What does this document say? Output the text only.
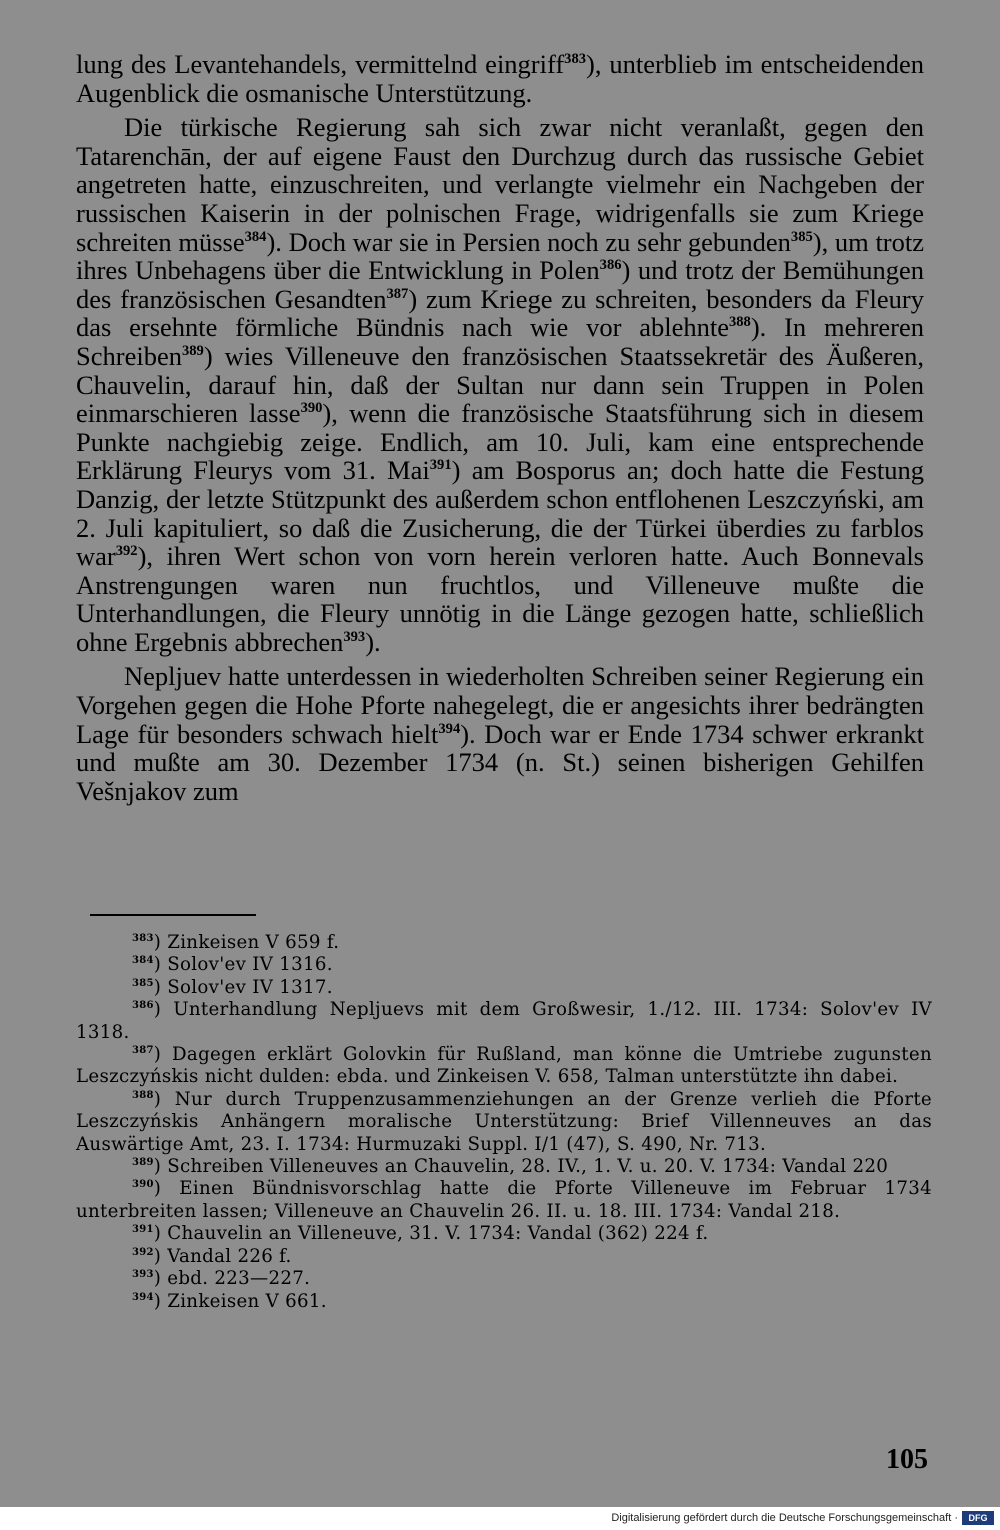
lung des Levantehandels, vermittelnd eingriff$^{383}$), unterblieb im entscheidenden Augenblick die osmanische Unterstützung.

Die türkische Regierung sah sich zwar nicht veranlaßt, gegen den Tatarenchān, der auf eigene Faust den Durchzug durch das russische Gebiet angetreten hatte, einzuschreiten, und verlangte vielmehr ein Nachgeben der russischen Kaiserin in der polnischen Frage, widrigenfalls sie zum Kriege schreiten müsse$^{384}$). Doch war sie in Persien noch zu sehr gebunden$^{385}$), um trotz ihres Unbehagens über die Entwicklung in Polen$^{386}$) und trotz der Bemühungen des französischen Gesandten$^{387}$) zum Kriege zu schreiten, besonders da Fleury das ersehnte förmliche Bündnis nach wie vor ablehnte$^{388}$). In mehreren Schreiben$^{389}$) wies Villeneuve den französischen Staatssekretär des Äußeren, Chauvelin, darauf hin, daß der Sultan nur dann sein Truppen in Polen einmarschieren lasse$^{390}$), wenn die französische Staatsführung sich in diesem Punkte nachgiebig zeige. Endlich, am 10. Juli, kam eine entsprechende Erklärung Fleurys vom 31. Mai$^{391}$) am Bosporus an; doch hatte die Festung Danzig, der letzte Stützpunkt des außerdem schon entflohenen Leszczyński, am 2. Juli kapituliert, so daß die Zusicherung, die der Türkei überdies zu farblos war$^{392}$), ihren Wert schon von vorn herein verloren hatte. Auch Bonnevals Anstrengungen waren nun fruchtlos, und Villeneuve mußte die Unterhandlungen, die Fleury unnötig in die Länge gezogen hatte, schließlich ohne Ergebnis abbrechen$^{393}$).

Nepljuev hatte unterdessen in wiederholten Schreiben seiner Regierung ein Vorgehen gegen die Hohe Pforte nahegelegt, die er angesichts ihrer bedrängten Lage für besonders schwach hielt$^{394}$). Doch war er Ende 1734 schwer erkrankt und mußte am 30. Dezember 1734 (n. St.) seinen bisherigen Gehilfen Vešnjakov zum

$^{383}$) Zinkeisen V 659 f.

$^{384}$) Solov'ev IV 1316.

$^{385}$) Solov'ev IV 1317.

$^{386}$) Unterhandlung Nepljuevs mit dem Großwesir, 1./12. III. 1734: Solov'ev IV 1318.

$^{387}$) Dagegen erklärt Golovkin für Rußland, man könne die Umtriebe zugunsten Leszczyńskis nicht dulden: ebda. und Zinkeisen V. 658, Talman unterstützte ihn dabei.

$^{388}$) Nur durch Truppenzusammenziehungen an der Grenze verlieh die Pforte Leszczyńskis Anhängern moralische Unterstützung: Brief Villenneuves an das Auswärtige Amt, 23. I. 1734: Hurmuzaki Suppl. I/1 (47), S. 490, Nr. 713.

$^{389}$) Schreiben Villeneuves an Chauvelin, 28. IV., 1. V. u. 20. V. 1734: Vandal 220

$^{390}$) Einen Bündnisvorschlag hatte die Pforte Villeneuve im Februar 1734 unterbreiten lassen; Villeneuve an Chauvelin 26. II. u. 18. III. 1734: Vandal 218.

$^{391}$) Chauvelin an Villeneuve, 31. V. 1734: Vandal (362) 224 f.

$^{392}$) Vandal 226 f.

$^{393}$) ebd. 223—227.

$^{394}$) Zinkeisen V 661.

105
Digitalisierung gefördert durch die Deutsche Forschungsgemeinschaft ·	DFG
